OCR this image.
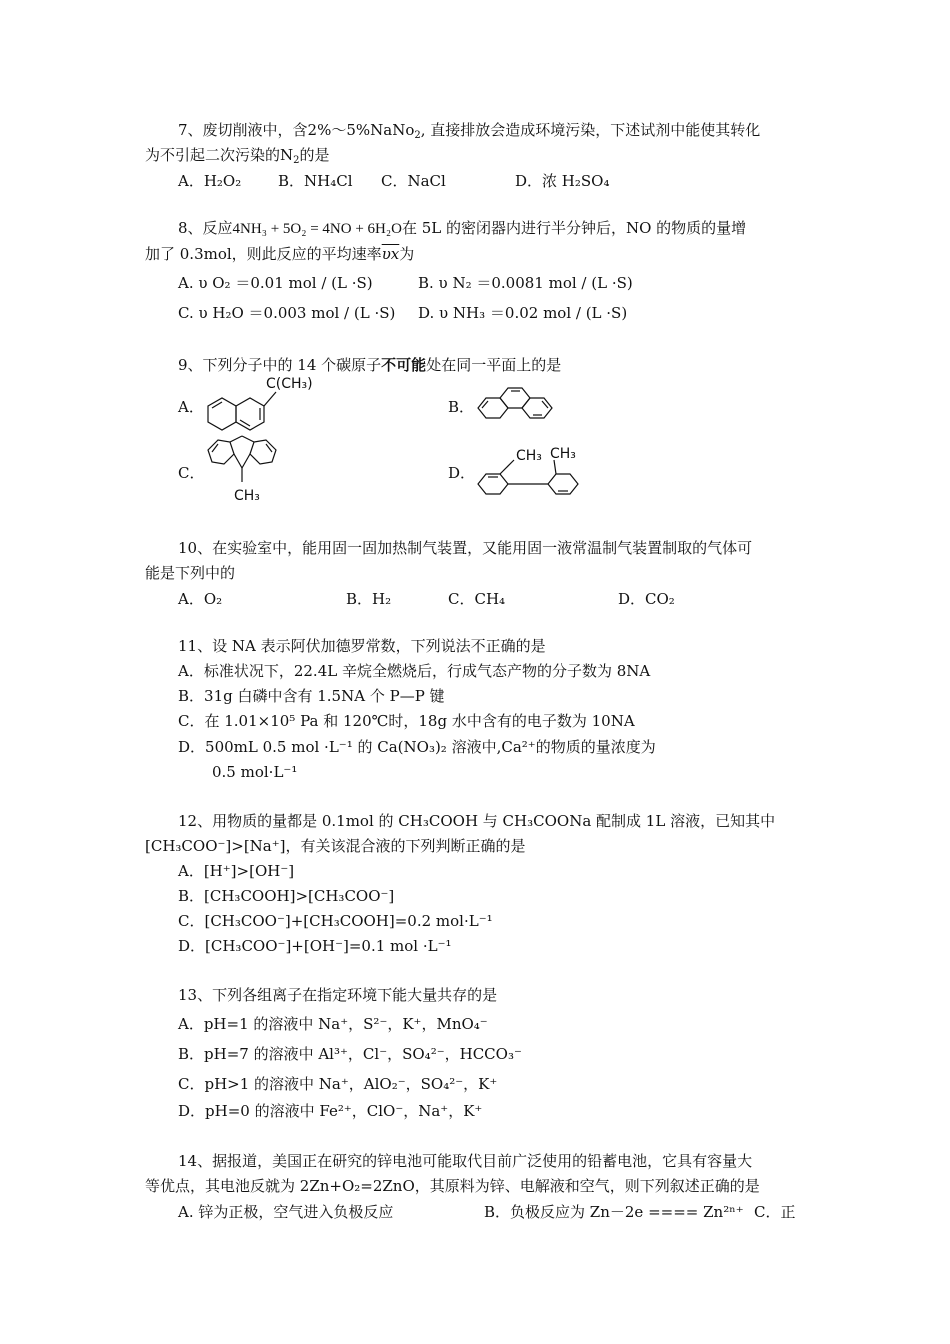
7、废切削液中，含2%～5%NaNo$_2$, 直接排放会造成环境污染，下述试剂中能使其转化
为不引起二次污染的$N_2$的是
A．H₂O₂ B．NH₄Cl C．NaCl	D．浓 H₂SO₄
8、反应4NH₃ + 5O₂ = 4NO + 6H₂O在 5L 的密闭器内进行半分钟后，NO 的物质的量增
加了 0.3mol，则此反应的平均速率$\overline{\upsilon x}$为
A. υ O₂ ＝0.01 mol / (L ·S)	B. υ N₂ ＝0.0081 mol / (L ·S)
C. υ H₂O ＝0.003 mol / (L ·S) D. υ NH₃ ＝0.02 mol / (L ·S)
9、下列分子中的 14 个碳原子不可能处在同一平面上的是
A．	B．
C．	D．
C(CH₃)
CH₃
CH₃ CH₃
10、在实验室中，能用固一固加热制气装置，又能用固一液常温制气装置制取的气体可
能是下列中的
A．O₂	B．H₂	C．CH₄	D．CO₂
11、设 NA 表示阿伏加德罗常数，下列说法不正确的是
A．标准状况下，22.4L 辛烷全燃烧后，行成气态产物的分子数为 8NA
B．31g 白磷中含有 1.5NA 个 P—P 键
C．在 1.01×10⁵ Pa 和 120℃时，18g 水中含有的电子数为 10NA
D．500mL 0.5 mol ·L⁻¹ 的 Ca(NO₃)₂ 溶液中,Ca²⁺的物质的量浓度为
0.5 mol·L⁻¹
12、用物质的量都是 0.1mol 的 CH₃COOH 与 CH₃COONa 配制成 1L 溶液，已知其中
[CH₃COO⁻]>[Na⁺]，有关该混合液的下列判断正确的是
A．[H⁺]>[OH⁻]
B．[CH₃COOH]>[CH₃COO⁻]
C．[CH₃COO⁻]+[CH₃COOH]=0.2 mol·L⁻¹
D．[CH₃COO⁻]+[OH⁻]=0.1 mol ·L⁻¹
13、下列各组离子在指定环境下能大量共存的是
A．pH=1 的溶液中 Na⁺，S²⁻，K⁺，MnO₄⁻
B．pH=7 的溶液中 Al³⁺，Cl⁻，SO₄²⁻，HCCO₃⁻
C．pH>1 的溶液中 Na⁺，AlO₂⁻，SO₄²⁻，K⁺
D．pH=0 的溶液中 Fe²⁺，ClO⁻，Na⁺，K⁺
14、据报道，美国正在研究的锌电池可能取代目前广泛使用的铅蓄电池，它具有容量大
等优点，其电池反就为 2Zn+O₂=2ZnO，其原料为锌、电解液和空气，则下列叙述正确的是
A. 锌为正极，空气进入负极反应	B．负极反应为 Zn－2e ==== Zn²ⁿ⁺ C．正
